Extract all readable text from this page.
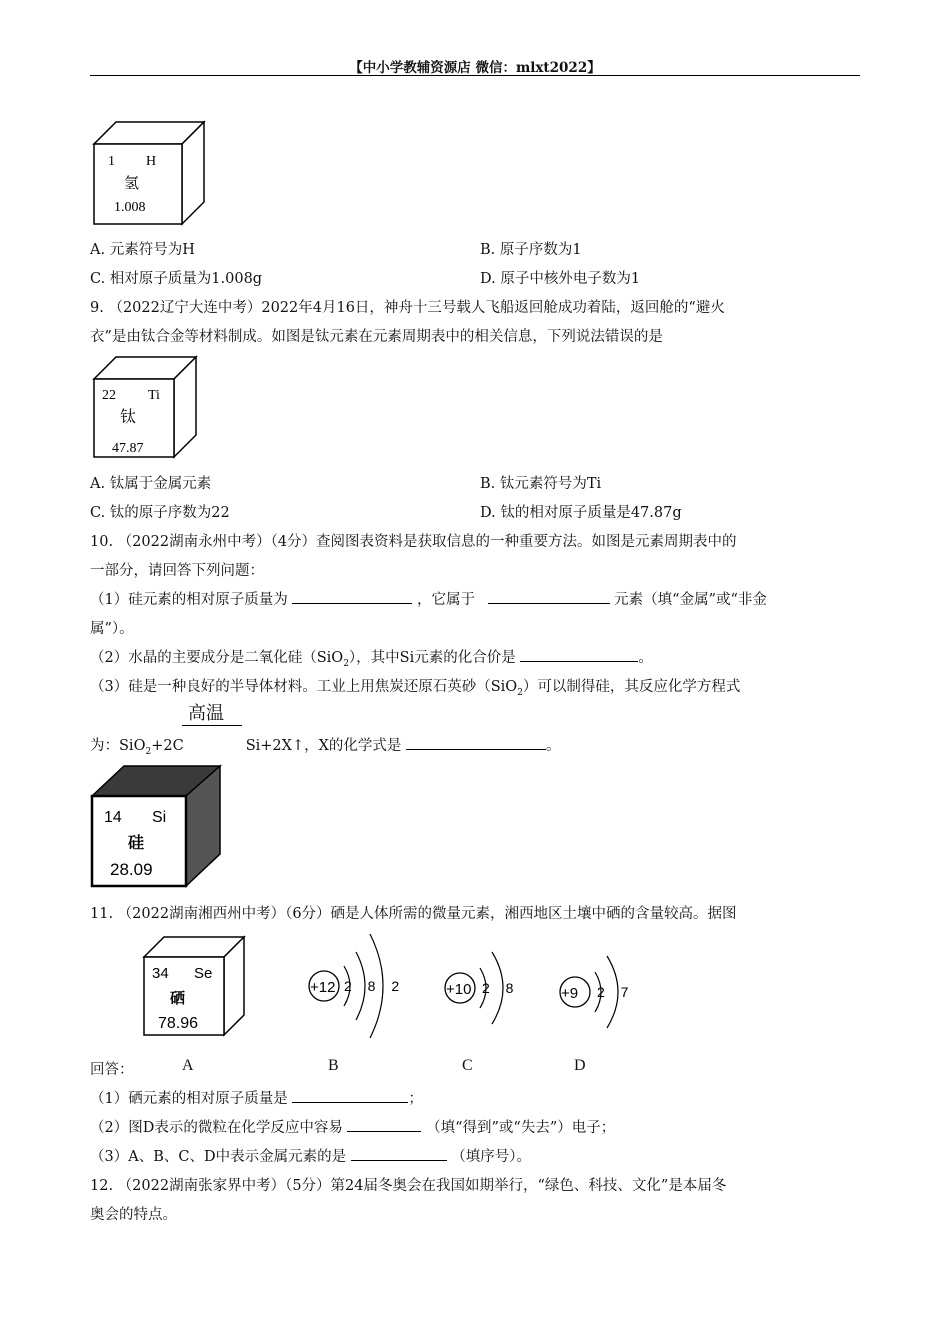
【中小学教辅资源店 微信：mlxt2022】
1 H
氢
1.008
A. 元素符号为H	B. 原子序数为1
C. 相对原子质量为1.008g	D. 原子中核外电子数为1
9. （2022辽宁大连中考）2022年4月16日，神舟十三号载人飞船返回舱成功着陆，返回舱的“避火
衣”是由钛合金等材料制成。如图是钛元素在元素周期表中的相关信息，下列说法错误的是
22 Ti
钛
47.87
A. 钛属于金属元素	B. 钛元素符号为Ti
C. 钛的原子序数为22	D. 钛的相对原子质量是47.87g
10. （2022湖南永州中考）（4分）查阅图表资料是获取信息的一种重要方法。如图是元素周期表中的
一部分，请回答下列问题：
（1）硅元素的相对原子质量为	，它属于	元素（填“金属”或“非金
属”）。
（2）水晶的主要成分是二氧化硅（SiO$_2$），其中Si元素的化合价是	。
（3）硅是一种良好的半导体材料。工业上用焦炭还原石英砂（SiO$_2$）可以制得硅，其反应化学方程式
高温
为：SiO$_2$+2C	Si+2X↑，X的化学式是	。
14 Si
硅
28.09
11. （2022湖南湘西州中考）（6分）硒是人体所需的微量元素，湘西地区土壤中硒的含量较高。据图
34 Se
硒
78.96
+12 2 8 2	+10 2 8	+9 2 7
回答：	A	B	C	D
（1）硒元素的相对原子质量是	；
（2）图D表示的微粒在化学反应中容易	（填“得到”或“失去”）电子；
（3）A、B、C、D中表示金属元素的是	（填序号）。
12. （2022湖南张家界中考）（5分）第24届冬奥会在我国如期举行，“绿色、科技、文化”是本届冬
奥会的特点。
